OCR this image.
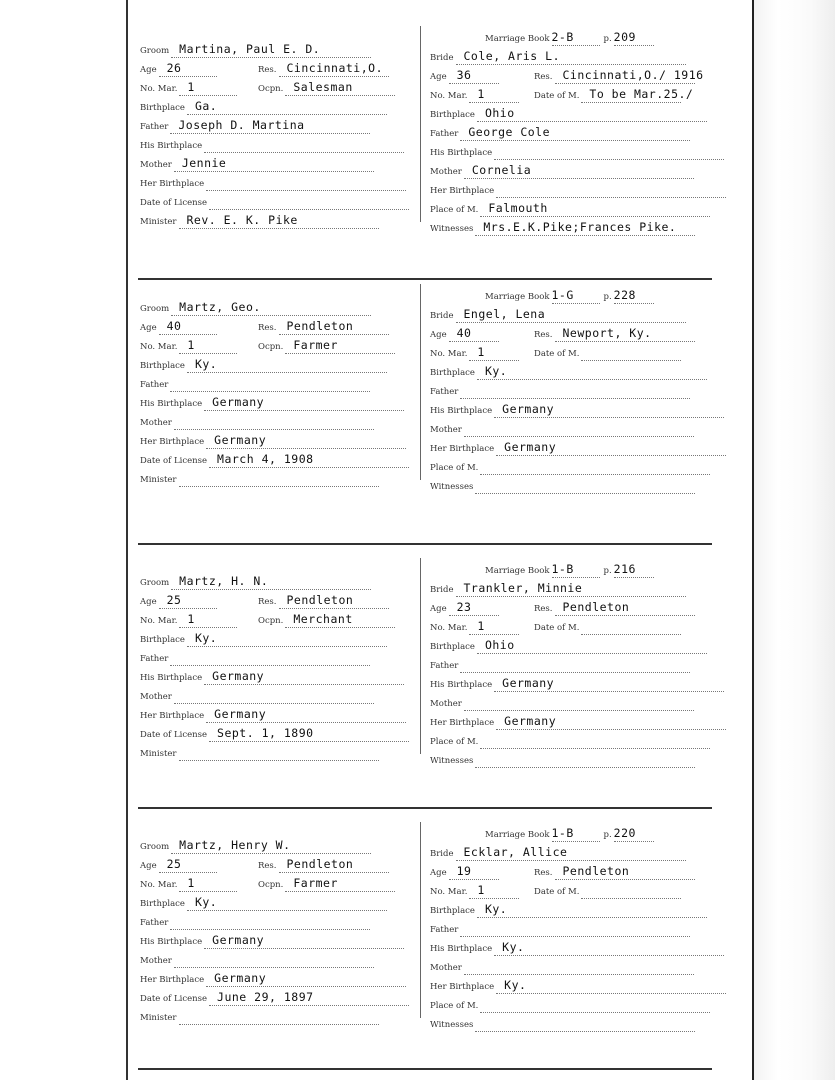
Groom Martina, Paul E. D.
Age 26	Res. Cincinnati,O.
No. Mar. 1	Ocpn. Salesman
Birthplace Ga.
Father Joseph D. Martina
His Birthplace
Mother Jennie
Her Birthplace
Date of License
Minister Rev. E. K. Pike
Marriage Book 2-B	p. 209
Bride Cole, Aris L.
Age 36	Res. Cincinnati,O./ 1916
No. Mar. 1	Date of M. To be Mar.25./
Birthplace Ohio
Father George Cole
His Birthplace
Mother Cornelia
Her Birthplace
Place of M. Falmouth
Witnesses Mrs.E.K.Pike;Frances Pike.
Groom Martz, Geo.
Age 40	Res. Pendleton
No. Mar. 1	Ocpn. Farmer
Birthplace Ky.
Father
His Birthplace Germany
Mother
Her Birthplace Germany
Date of License March 4, 1908
Minister
Marriage Book 1-G	p. 228
Bride Engel, Lena
Age 40	Res. Newport, Ky.
No. Mar. 1	Date of M.
Birthplace Ky.
Father
His Birthplace Germany
Mother
Her Birthplace Germany
Place of M.
Witnesses
Groom Martz, H. N.
Age 25	Res. Pendleton
No. Mar. 1	Ocpn. Merchant
Birthplace Ky.
Father
His Birthplace Germany
Mother
Her Birthplace Germany
Date of License Sept. 1, 1890
Minister
Marriage Book 1-B	p. 216
Bride Trankler, Minnie
Age 23	Res. Pendleton
No. Mar. 1	Date of M.
Birthplace Ohio
Father
His Birthplace Germany
Mother
Her Birthplace Germany
Place of M.
Witnesses
Groom Martz, Henry W.
Age 25	Res. Pendleton
No. Mar. 1	Ocpn. Farmer
Birthplace Ky.
Father
His Birthplace Germany
Mother
Her Birthplace Germany
Date of License June 29, 1897
Minister
Marriage Book 1-B	p. 220
Bride Ecklar, Allice
Age 19	Res. Pendleton
No. Mar. 1	Date of M.
Birthplace Ky.
Father
His Birthplace Ky.
Mother
Her Birthplace Ky.
Place of M.
Witnesses
